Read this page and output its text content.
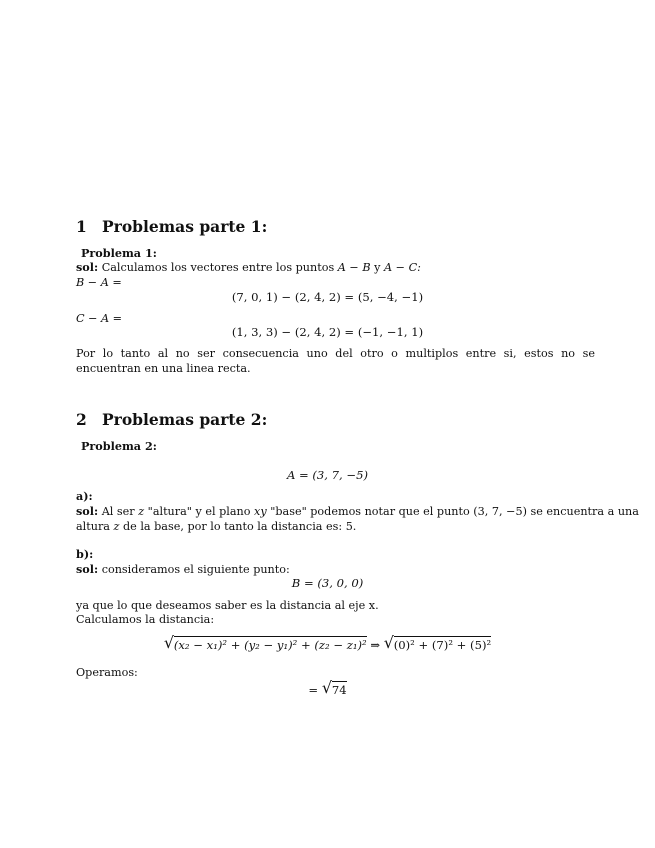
1 Problemas parte 1:
Problema 1:
sol: Calculamos los vectores entre los puntos A − B y A − C:
B − A =
(7, 0, 1) − (2, 4, 2) = (5, −4, −1)
C − A =
(1, 3, 3) − (2, 4, 2) = (−1, −1, 1)
Por lo tanto al no ser consecuencia uno del otro o multiplos entre si, estos no se encuentran en una linea recta.
2 Problemas parte 2:
Problema 2:
A = (3, 7, −5)
a):
sol: Al ser z "altura" y el plano xy "base" podemos notar que el punto (3, 7, −5) se encuentra a una
altura z de la base, por lo tanto la distancia es: 5.
b):
sol: consideramos el siguiente punto:
B = (3, 0, 0)
ya que lo que deseamos saber es la distancia al eje x.
Calculamos la distancia:
√ (x₂ − x₁)² + (y₂ − y₁)² + (z₂ − z₁)² ⇒ √ (0)² + (7)² + (5)²
Operamos:
= √ 74
